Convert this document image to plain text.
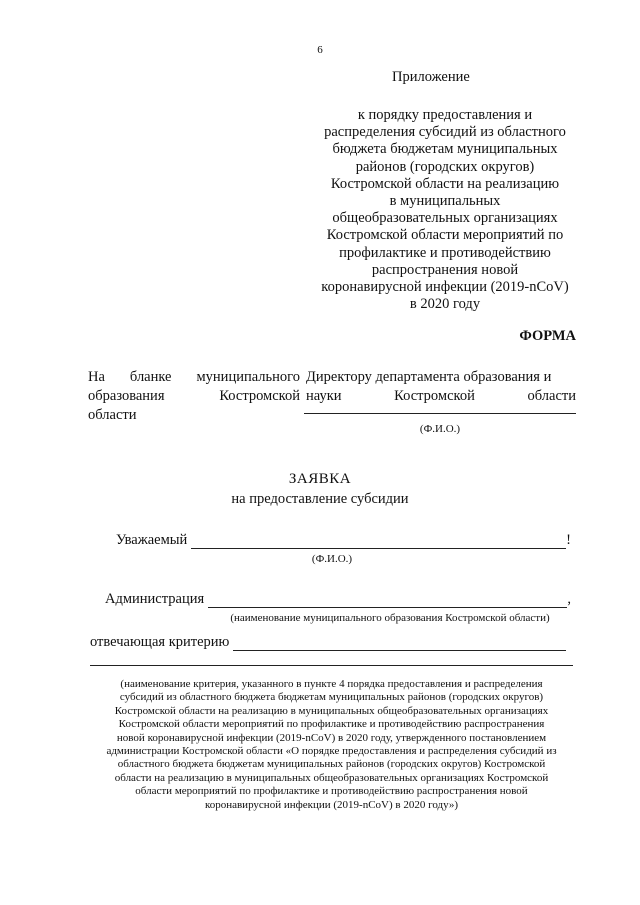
6
Приложение
к порядку предоставления и
распределения субсидий из областного
бюджета бюджетам муниципальных
районов (городских округов)
Костромской области на реализацию
в муниципальных
общеобразовательных организациях
Костромской области мероприятий по
профилактике и противодействию
распространения новой
коронавирусной инфекции (2019-nCoV)
в 2020 году
ФОРМА
На бланке муниципального
образования	Костромской
области
Директору департамента образования и
науки	Костромской	области
(Ф.И.О.)
ЗАЯВКА
на предоставление субсидии
Уважаемый	!
(Ф.И.О.)
Администрация	,
(наименование муниципального образования Костромской области)
отвечающая критерию
(наименование критерия, указанного в пункте 4 порядка предоставления и распределения
субсидий из областного бюджета бюджетам муниципальных районов (городских округов)
Костромской области на реализацию в муниципальных общеобразовательных организациях
Костромской области мероприятий по профилактике и противодействию распространения
новой коронавирусной инфекции (2019-nCoV) в 2020 году, утвержденного постановлением
администрации Костромской области «О порядке предоставления и распределения субсидий из
областного бюджета бюджетам муниципальных районов (городских округов) Костромской
области на реализацию в муниципальных общеобразовательных организациях Костромской
области мероприятий по профилактике и противодействию распространения новой
коронавирусной инфекции (2019-nCoV) в 2020 году»)
